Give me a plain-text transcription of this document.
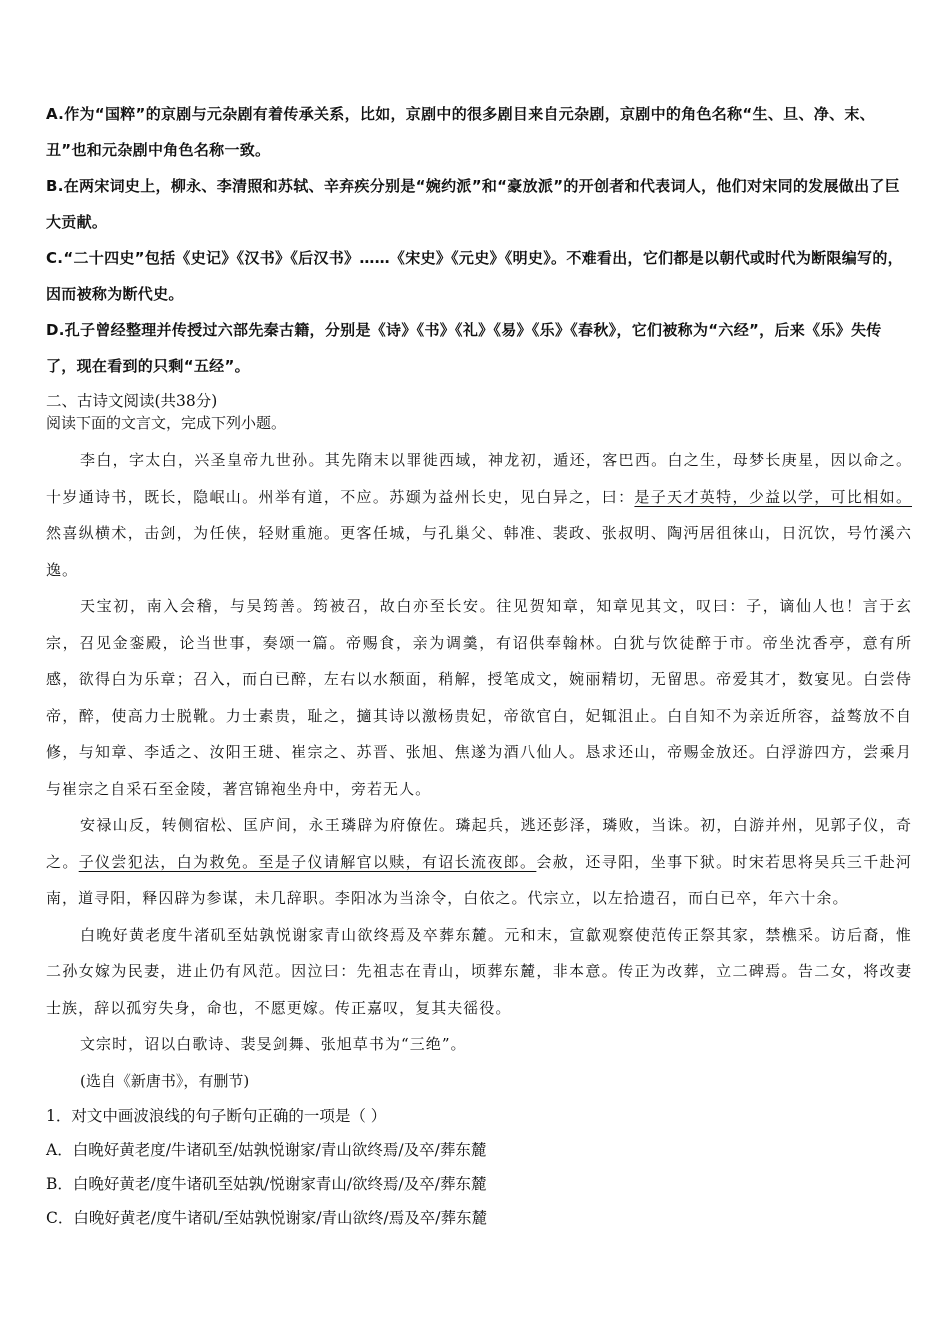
A.作为“国粹”的京剧与元杂剧有着传承关系，比如，京剧中的很多剧目来自元杂剧，京剧中的角色名称“生、旦、净、末、丑”也和元杂剧中角色名称一致。

B.在两宋词史上，柳永、李清照和苏轼、辛弃疾分别是“婉约派”和“豪放派”的开创者和代表词人，他们对宋同的发展做出了巨大贡献。

C.“二十四史”包括《史记》《汉书》《后汉书》……《宋史》《元史》《明史》。不难看出，它们都是以朝代或时代为断限编写的，因而被称为断代史。

D.孔子曾经整理并传授过六部先秦古籍，分别是《诗》《书》《礼》《易》《乐》《春秋》，它们被称为“六经”，后来《乐》失传了，现在看到的只剩“五经”。

二、古诗文阅读(共38分)

阅读下面的文言文，完成下列小题。

李白，字太白，兴圣皇帝九世孙。其先隋末以罪徙西域，神龙初，遁还，客巴西。白之生，母梦长庚星，因以命之。十岁通诗书，既长，隐岷山。州举有道，不应。苏颋为益州长史，见白异之，曰：是子天才英特，少益以学，可比相如。然喜纵横术，击剑，为任侠，轻财重施。更客任城，与孔巢父、韩准、裴政、张叔明、陶沔居徂徕山，日沉饮，号竹溪六逸。

天宝初，南入会稽，与吴筠善。筠被召，故白亦至长安。往见贺知章，知章见其文，叹曰：子，谪仙人也！言于玄宗，召见金銮殿，论当世事，奏颂一篇。帝赐食，亲为调羹，有诏供奉翰林。白犹与饮徒醉于市。帝坐沈香亭，意有所感，欲得白为乐章；召入，而白已醉，左右以水颒面，稍解，授笔成文，婉丽精切，无留思。帝爱其才，数宴见。白尝侍帝，醉，使高力士脱靴。力士素贵，耻之，擿其诗以激杨贵妃，帝欲官白，妃辄沮止。白自知不为亲近所容，益骜放不自修，与知章、李适之、汝阳王琎、崔宗之、苏晋、张旭、焦遂为酒八仙人。恳求还山，帝赐金放还。白浮游四方，尝乘月与崔宗之自采石至金陵，著宫锦袍坐舟中，旁若无人。

安禄山反，转侧宿松、匡庐间，永王璘辟为府僚佐。璘起兵，逃还彭泽，璘败，当诛。初，白游并州，见郭子仪，奇之。子仪尝犯法，白为救免。至是子仪请解官以赎，有诏长流夜郎。会赦，还寻阳，坐事下狱。时宋若思将吴兵三千赴河南，道寻阳，释囚辟为参谋，未几辞职。李阳冰为当涂令，白依之。代宗立，以左拾遗召，而白已卒，年六十余。

白晚好黄老度牛渚矶至姑孰悦谢家青山欲终焉及卒葬东麓。元和末，宣歙观察使范传正祭其家，禁樵采。访后裔，惟二孙女嫁为民妻，进止仍有风范。因泣曰：先祖志在青山，顷葬东麓，非本意。传正为改葬，立二碑焉。告二女，将改妻士族，辞以孤穷失身，命也，不愿更嫁。传正嘉叹，复其夫徭役。

文宗时，诏以白歌诗、裴旻剑舞、张旭草书为“三绝”。

(选自《新唐书》，有删节)

1．对文中画波浪线的句子断句正确的一项是（ ）

A．白晚好黄老度/牛诸矶至/姑孰悦谢家/青山欲终焉/及卒/葬东麓

B．白晚好黄老/度牛诸矶至姑孰/悦谢家青山/欲终焉/及卒/葬东麓

C．白晚好黄老/度牛诸矶/至姑孰悦谢家/青山欲终/焉及卒/葬东麓
